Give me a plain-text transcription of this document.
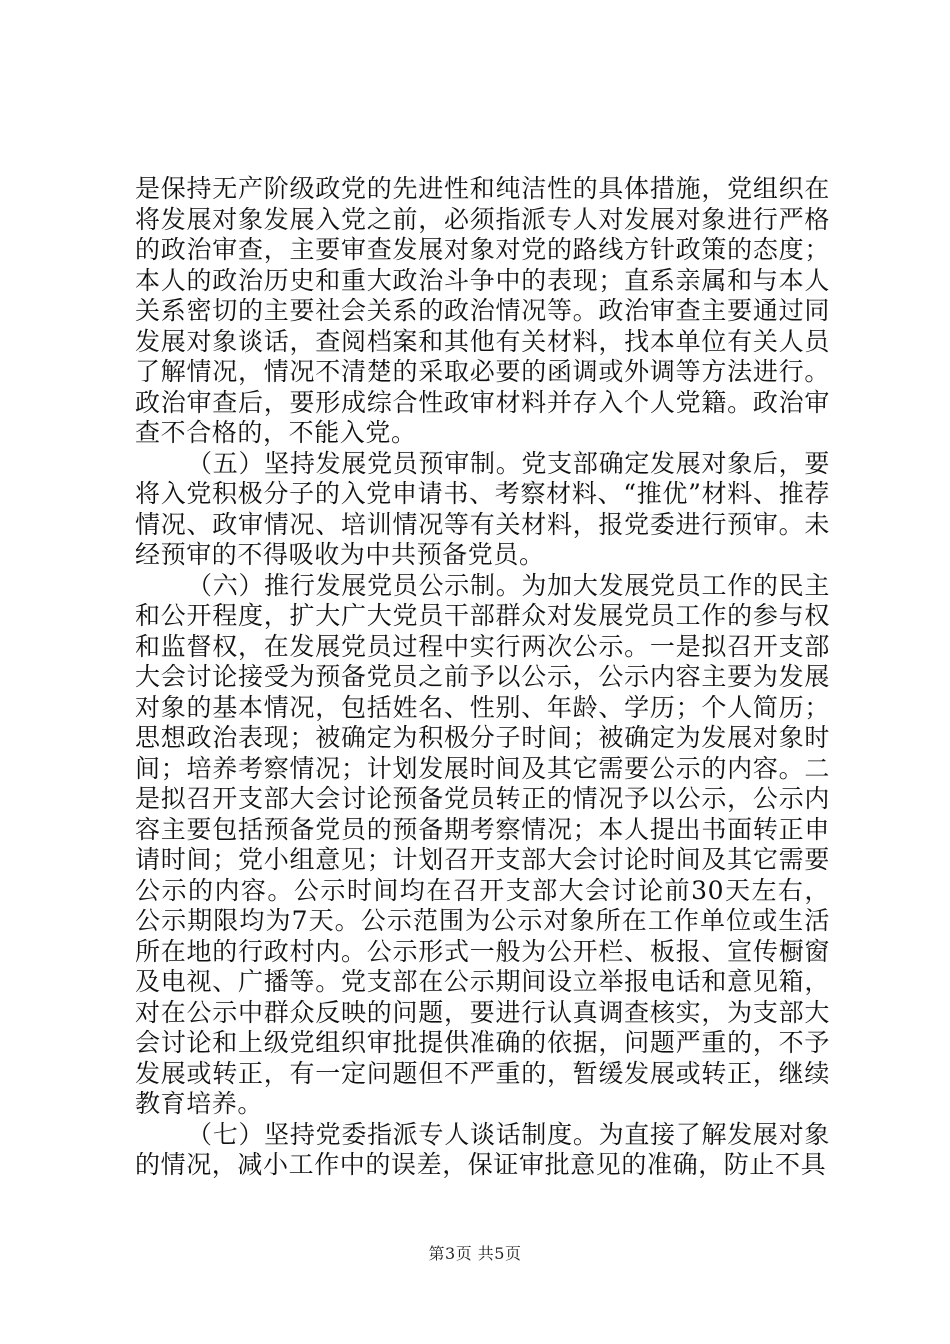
是保持无产阶级政党的先进性和纯洁性的具体措施，党组织在将发展对象发展入党之前，必须指派专人对发展对象进行严格的政治审查，主要审查发展对象对党的路线方针政策的态度；本人的政治历史和重大政治斗争中的表现；直系亲属和与本人关系密切的主要社会关系的政治情况等。政治审查主要通过同发展对象谈话，查阅档案和其他有关材料，找本单位有关人员了解情况，情况不清楚的采取必要的函调或外调等方法进行。政治审查后，要形成综合性政审材料并存入个人党籍。政治审查不合格的，不能入党。

（五）坚持发展党员预审制。党支部确定发展对象后，要将入党积极分子的入党申请书、考察材料、“推优”材料、推荐情况、政审情况、培训情况等有关材料，报党委进行预审。未经预审的不得吸收为中共预备党员。

（六）推行发展党员公示制。为加大发展党员工作的民主和公开程度，扩大广大党员干部群众对发展党员工作的参与权和监督权，在发展党员过程中实行两次公示。一是拟召开支部大会讨论接受为预备党员之前予以公示，公示内容主要为发展对象的基本情况，包括姓名、性别、年龄、学历；个人简历；思想政治表现；被确定为积极分子时间；被确定为发展对象时间；培养考察情况；计划发展时间及其它需要公示的内容。二是拟召开支部大会讨论预备党员转正的情况予以公示，公示内容主要包括预备党员的预备期考察情况；本人提出书面转正申请时间；党小组意见；计划召开支部大会讨论时间及其它需要公示的内容。公示时间均在召开支部大会讨论前30天左右，公示期限均为7天。公示范围为公示对象所在工作单位或生活所在地的行政村内。公示形式一般为公开栏、板报、宣传橱窗及电视、广播等。党支部在公示期间设立举报电话和意见箱，对在公示中群众反映的问题，要进行认真调查核实，为支部大会讨论和上级党组织审批提供准确的依据，问题严重的，不予发展或转正，有一定问题但不严重的，暂缓发展或转正，继续教育培养。

（七）坚持党委指派专人谈话制度。为直接了解发展对象的情况，减小工作中的误差，保证审批意见的准确，防止不具

第3页 共5页
